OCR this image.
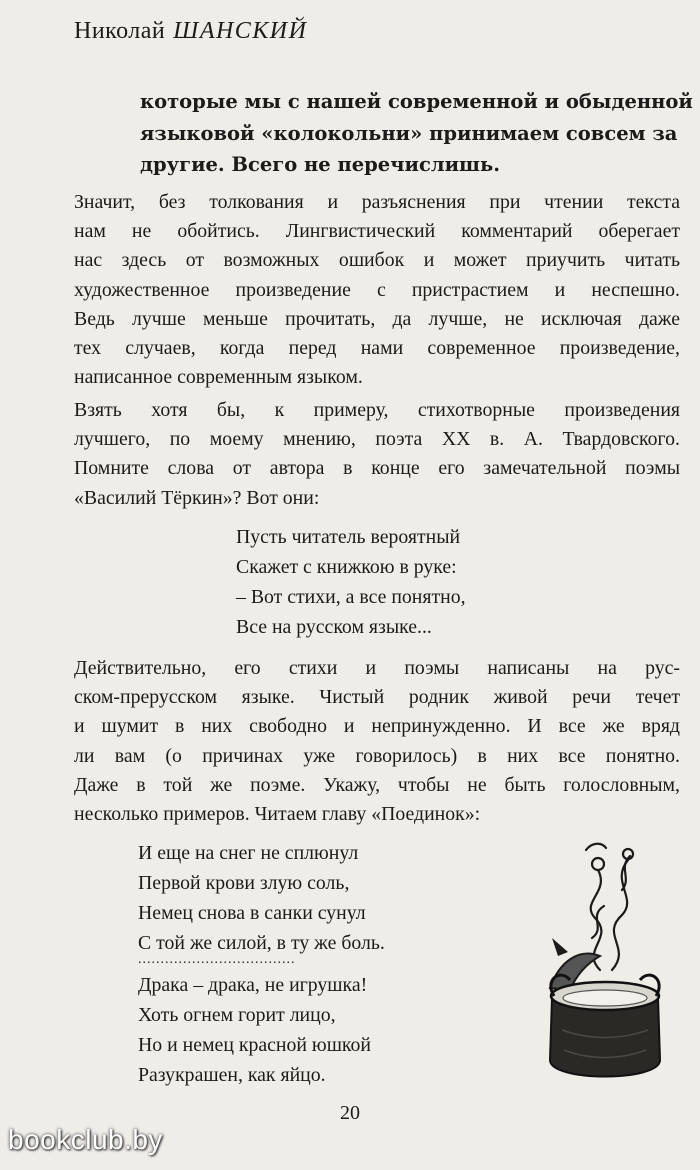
Николай ШАНСКИЙ
которые мы с нашей современной и обыденной
языковой «колокольни» принимаем совсем за
другие. Всего не перечислишь.
Значит, без толкования и разъяснения при чтении текста
нам не обойтись. Лингвистический комментарий оберегает
нас здесь от возможных ошибок и может приучить читать
художественное произведение с пристрастием и неспешно.
Ведь лучше меньше прочитать, да лучше, не исключая даже
тех случаев, когда перед нами современное произведение,
написанное современным языком.
Взять хотя бы, к примеру, стихотворные произведения
лучшего, по моему мнению, поэта XX в. А. Твардовского.
Помните слова от автора в конце его замечательной поэмы
«Василий Тёркин»? Вот они:
Пусть читатель вероятный
Скажет с книжкою в руке:
– Вот стихи, а все понятно,
Все на русском языке...
Действительно, его стихи и поэмы написаны на рус-
ском-прерусском языке. Чистый родник живой речи течет
и шумит в них свободно и непринужденно. И все же вряд
ли вам (о причинах уже говорилось) в них все понятно.
Даже в той же поэме. Укажу, чтобы не быть голословным,
несколько примеров. Читаем главу «Поединок»:
И еще на снег не сплюнул
Первой крови злую соль,
Немец снова в санки сунул
С той же силой, в ту же боль.
...................................
Драка – драка, не игрушка!
Хоть огнем горит лицо,
Но и немец красной юшкой
Разукрашен, как яйцо.
20
bookclub.by
